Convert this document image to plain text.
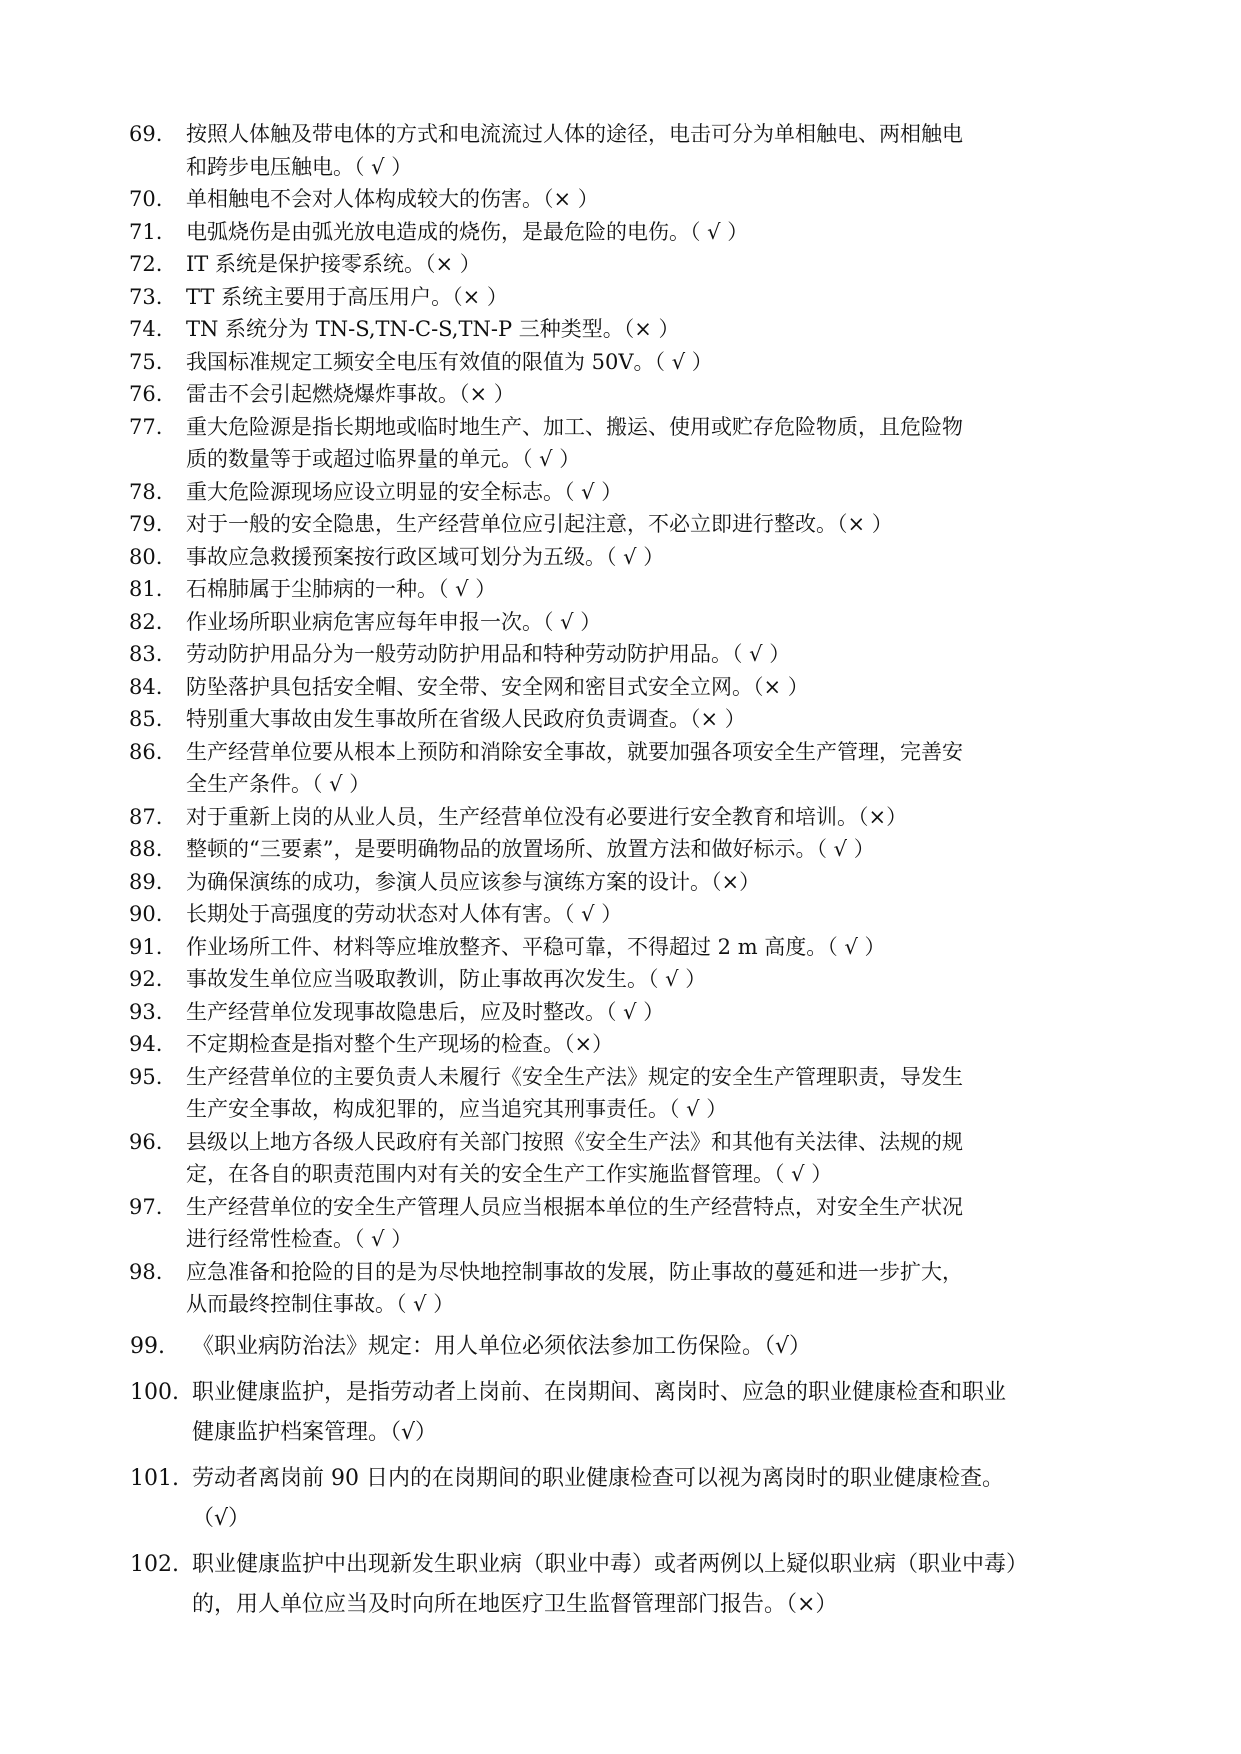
69. 按照人体触及带电体的方式和电流流过人体的途径，电击可分为单相触电、两相触电
和跨步电压触电。（ √ ）
70. 单相触电不会对人体构成较大的伤害。（× ）
71. 电弧烧伤是由弧光放电造成的烧伤，是最危险的电伤。（ √ ）
72. IT 系统是保护接零系统。（× ）
73. TT 系统主要用于高压用户。（× ）
74. TN 系统分为 TN-S,TN-C-S,TN-P 三种类型。（× ）
75. 我国标准规定工频安全电压有效值的限值为 50V。（ √ ）
76. 雷击不会引起燃烧爆炸事故。（× ）
77. 重大危险源是指长期地或临时地生产、加工、搬运、使用或贮存危险物质，且危险物
质的数量等于或超过临界量的单元。（ √ ）
78. 重大危险源现场应设立明显的安全标志。（ √ ）
79. 对于一般的安全隐患，生产经营单位应引起注意，不必立即进行整改。（× ）
80. 事故应急救援预案按行政区域可划分为五级。（ √ ）
81. 石棉肺属于尘肺病的一种。（ √ ）
82. 作业场所职业病危害应每年申报一次。（ √ ）
83. 劳动防护用品分为一般劳动防护用品和特种劳动防护用品。（ √ ）
84. 防坠落护具包括安全帽、安全带、安全网和密目式安全立网。（× ）
85. 特别重大事故由发生事故所在省级人民政府负责调查。（× ）
86. 生产经营单位要从根本上预防和消除安全事故，就要加强各项安全生产管理，完善安
全生产条件。（ √ ）
87. 对于重新上岗的从业人员，生产经营单位没有必要进行安全教育和培训。（×）
88. 整顿的“三要素”，是要明确物品的放置场所、放置方法和做好标示。（ √ ）
89. 为确保演练的成功，参演人员应该参与演练方案的设计。（×）
90. 长期处于高强度的劳动状态对人体有害。（ √ ）
91. 作业场所工件、材料等应堆放整齐、平稳可靠，不得超过 2 m 高度。（ √ ）
92. 事故发生单位应当吸取教训，防止事故再次发生。（ √ ）
93. 生产经营单位发现事故隐患后，应及时整改。（ √ ）
94. 不定期检查是指对整个生产现场的检查。（×）
95. 生产经营单位的主要负责人未履行《安全生产法》规定的安全生产管理职责，导发生
生产安全事故，构成犯罪的，应当追究其刑事责任。（ √ ）
96. 县级以上地方各级人民政府有关部门按照《安全生产法》和其他有关法律、法规的规
定，在各自的职责范围内对有关的安全生产工作实施监督管理。（ √ ）
97. 生产经营单位的安全生产管理人员应当根据本单位的生产经营特点，对安全生产状况
进行经常性检查。（ √ ）
98. 应急准备和抢险的目的是为尽快地控制事故的发展，防止事故的蔓延和进一步扩大，
从而最终控制住事故。（ √ ）
99. 《职业病防治法》规定：用人单位必须依法参加工伤保险。（√）
100. 职业健康监护，是指劳动者上岗前、在岗期间、离岗时、应急的职业健康检查和职业
健康监护档案管理。（√）
101. 劳动者离岗前 90 日内的在岗期间的职业健康检查可以视为离岗时的职业健康检查。
（√）
102. 职业健康监护中出现新发生职业病（职业中毒）或者两例以上疑似职业病（职业中毒）
的，用人单位应当及时向所在地医疗卫生监督管理部门报告。（×）
